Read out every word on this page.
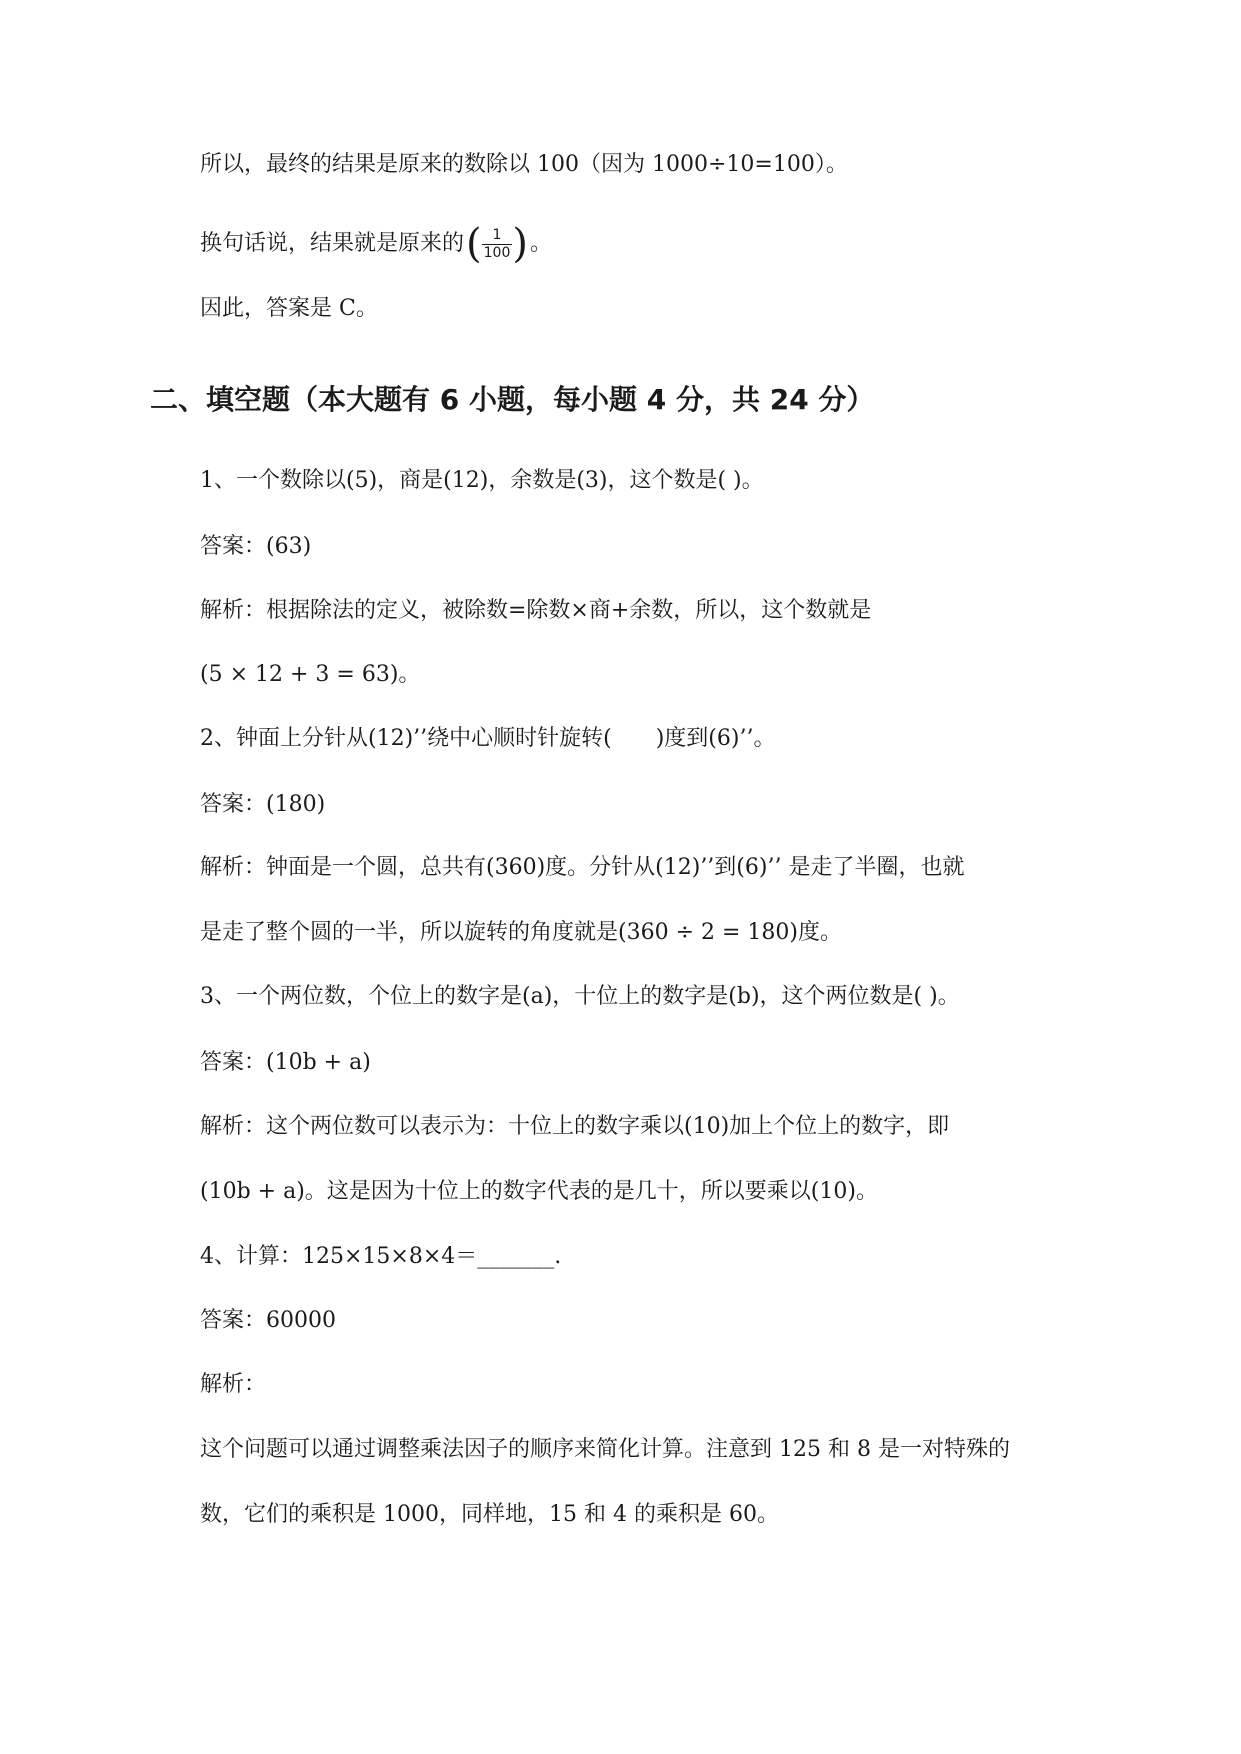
所以，最终的结果是原来的数除以 100（因为 1000÷10=100）。
换句话说，结果就是原来的( $\frac{1}{100}$ )。
因此，答案是 C。
二、填空题（本大题有 6 小题，每小题 4 分，共 24 分）
1、一个数除以(5)，商是(12)，余数是(3)，这个数是( )。
答案：(63)
解析：根据除法的定义，被除数=除数×商+余数，所以，这个数就是
(5 × 12 + 3 = 63)。
2、钟面上分针从(12)’’绕中心顺时针旋转(　　)度到(6)’’。
答案：(180)
解析：钟面是一个圆，总共有(360)度。分针从(12)’’到(6)’’ 是走了半圈，也就
是走了整个圆的一半，所以旋转的角度就是(360 ÷ 2 = 180)度。
3、一个两位数，个位上的数字是(a)，十位上的数字是(b)，这个两位数是( )。
答案：(10b + a)
解析：这个两位数可以表示为：十位上的数字乘以(10)加上个位上的数字，即
(10b + a)。这是因为十位上的数字代表的是几十，所以要乘以(10)。
4、计算：125×15×8×4＝_______.
答案：60000
解析：
这个问题可以通过调整乘法因子的顺序来简化计算。注意到 125 和 8 是一对特殊的
数，它们的乘积是 1000，同样地，15 和 4 的乘积是 60。
